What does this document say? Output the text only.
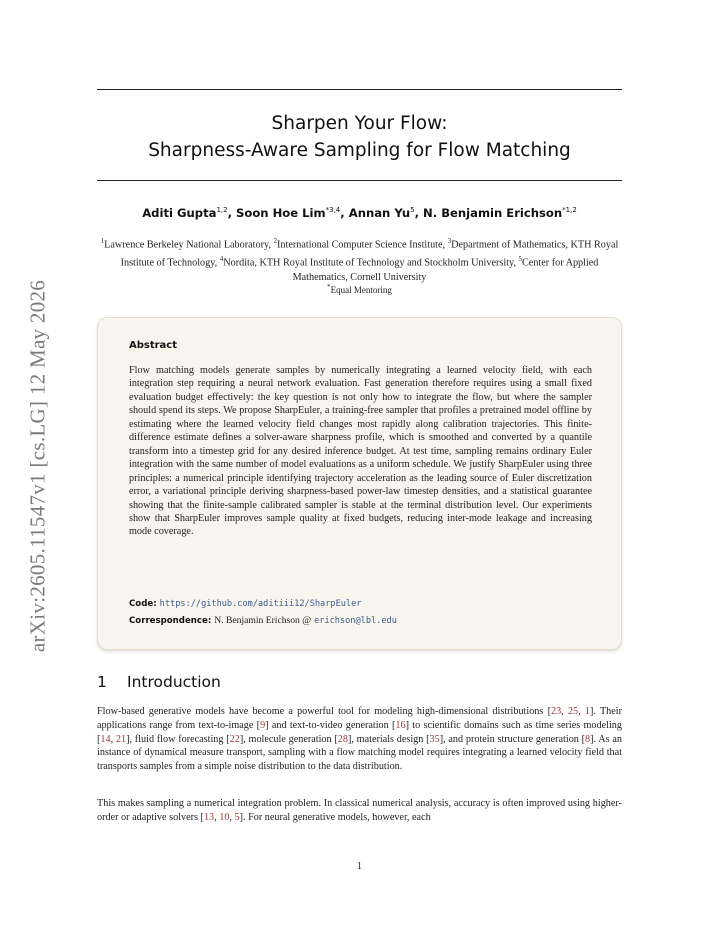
arXiv:2605.11547v1 [cs.LG] 12 May 2026
Sharpen Your Flow:
Sharpness-Aware Sampling for Flow Matching
Aditi Gupta$^{1,2}$, Soon Hoe Lim$^{*3,4}$, Annan Yu$^5$, N. Benjamin Erichson$^{*1,2}$
$^1$Lawrence Berkeley National Laboratory, $^2$International Computer Science Institute, $^3$Department of Mathematics, KTH Royal Institute of Technology, $^4$Nordita, KTH Royal Institute of Technology and Stockholm University, $^5$Center for Applied Mathematics, Cornell University
*Equal Mentoring
Abstract
Flow matching models generate samples by numerically integrating a learned velocity field, with each integration step requiring a neural network evaluation. Fast generation therefore requires using a small fixed evaluation budget effectively: the key question is not only how to integrate the flow, but where the sampler should spend its steps. We propose SharpEuler, a training-free sampler that profiles a pretrained model offline by estimating where the learned velocity field changes most rapidly along calibration trajectories. This finite-difference estimate defines a solver-aware sharpness profile, which is smoothed and converted by a quantile transform into a timestep grid for any desired inference budget. At test time, sampling remains ordinary Euler integration with the same number of model evaluations as a uniform schedule. We justify SharpEuler using three principles: a numerical principle identifying trajectory acceleration as the leading source of Euler discretization error, a variational principle deriving sharpness-based power-law timestep densities, and a statistical guarantee showing that the finite-sample calibrated sampler is stable at the terminal distribution level. Our experiments show that SharpEuler improves sample quality at fixed budgets, reducing inter-mode leakage and increasing mode coverage.
Code: https://github.com/aditiii12/SharpEuler
Correspondence: N. Benjamin Erichson @ erichson@lbl.edu
1 Introduction
Flow-based generative models have become a powerful tool for modeling high-dimensional distributions [23, 25, 1]. Their applications range from text-to-image [9] and text-to-video generation [16] to scientific domains such as time series modeling [14, 21], fluid flow forecasting [22], molecule generation [28], materials design [35], and protein structure generation [8]. As an instance of dynamical measure transport, sampling with a flow matching model requires integrating a learned velocity field that transports samples from a simple noise distribution to the data distribution.
This makes sampling a numerical integration problem. In classical numerical analysis, accuracy is often improved using higher-order or adaptive solvers [13, 10, 5]. For neural generative models, however, each
1
